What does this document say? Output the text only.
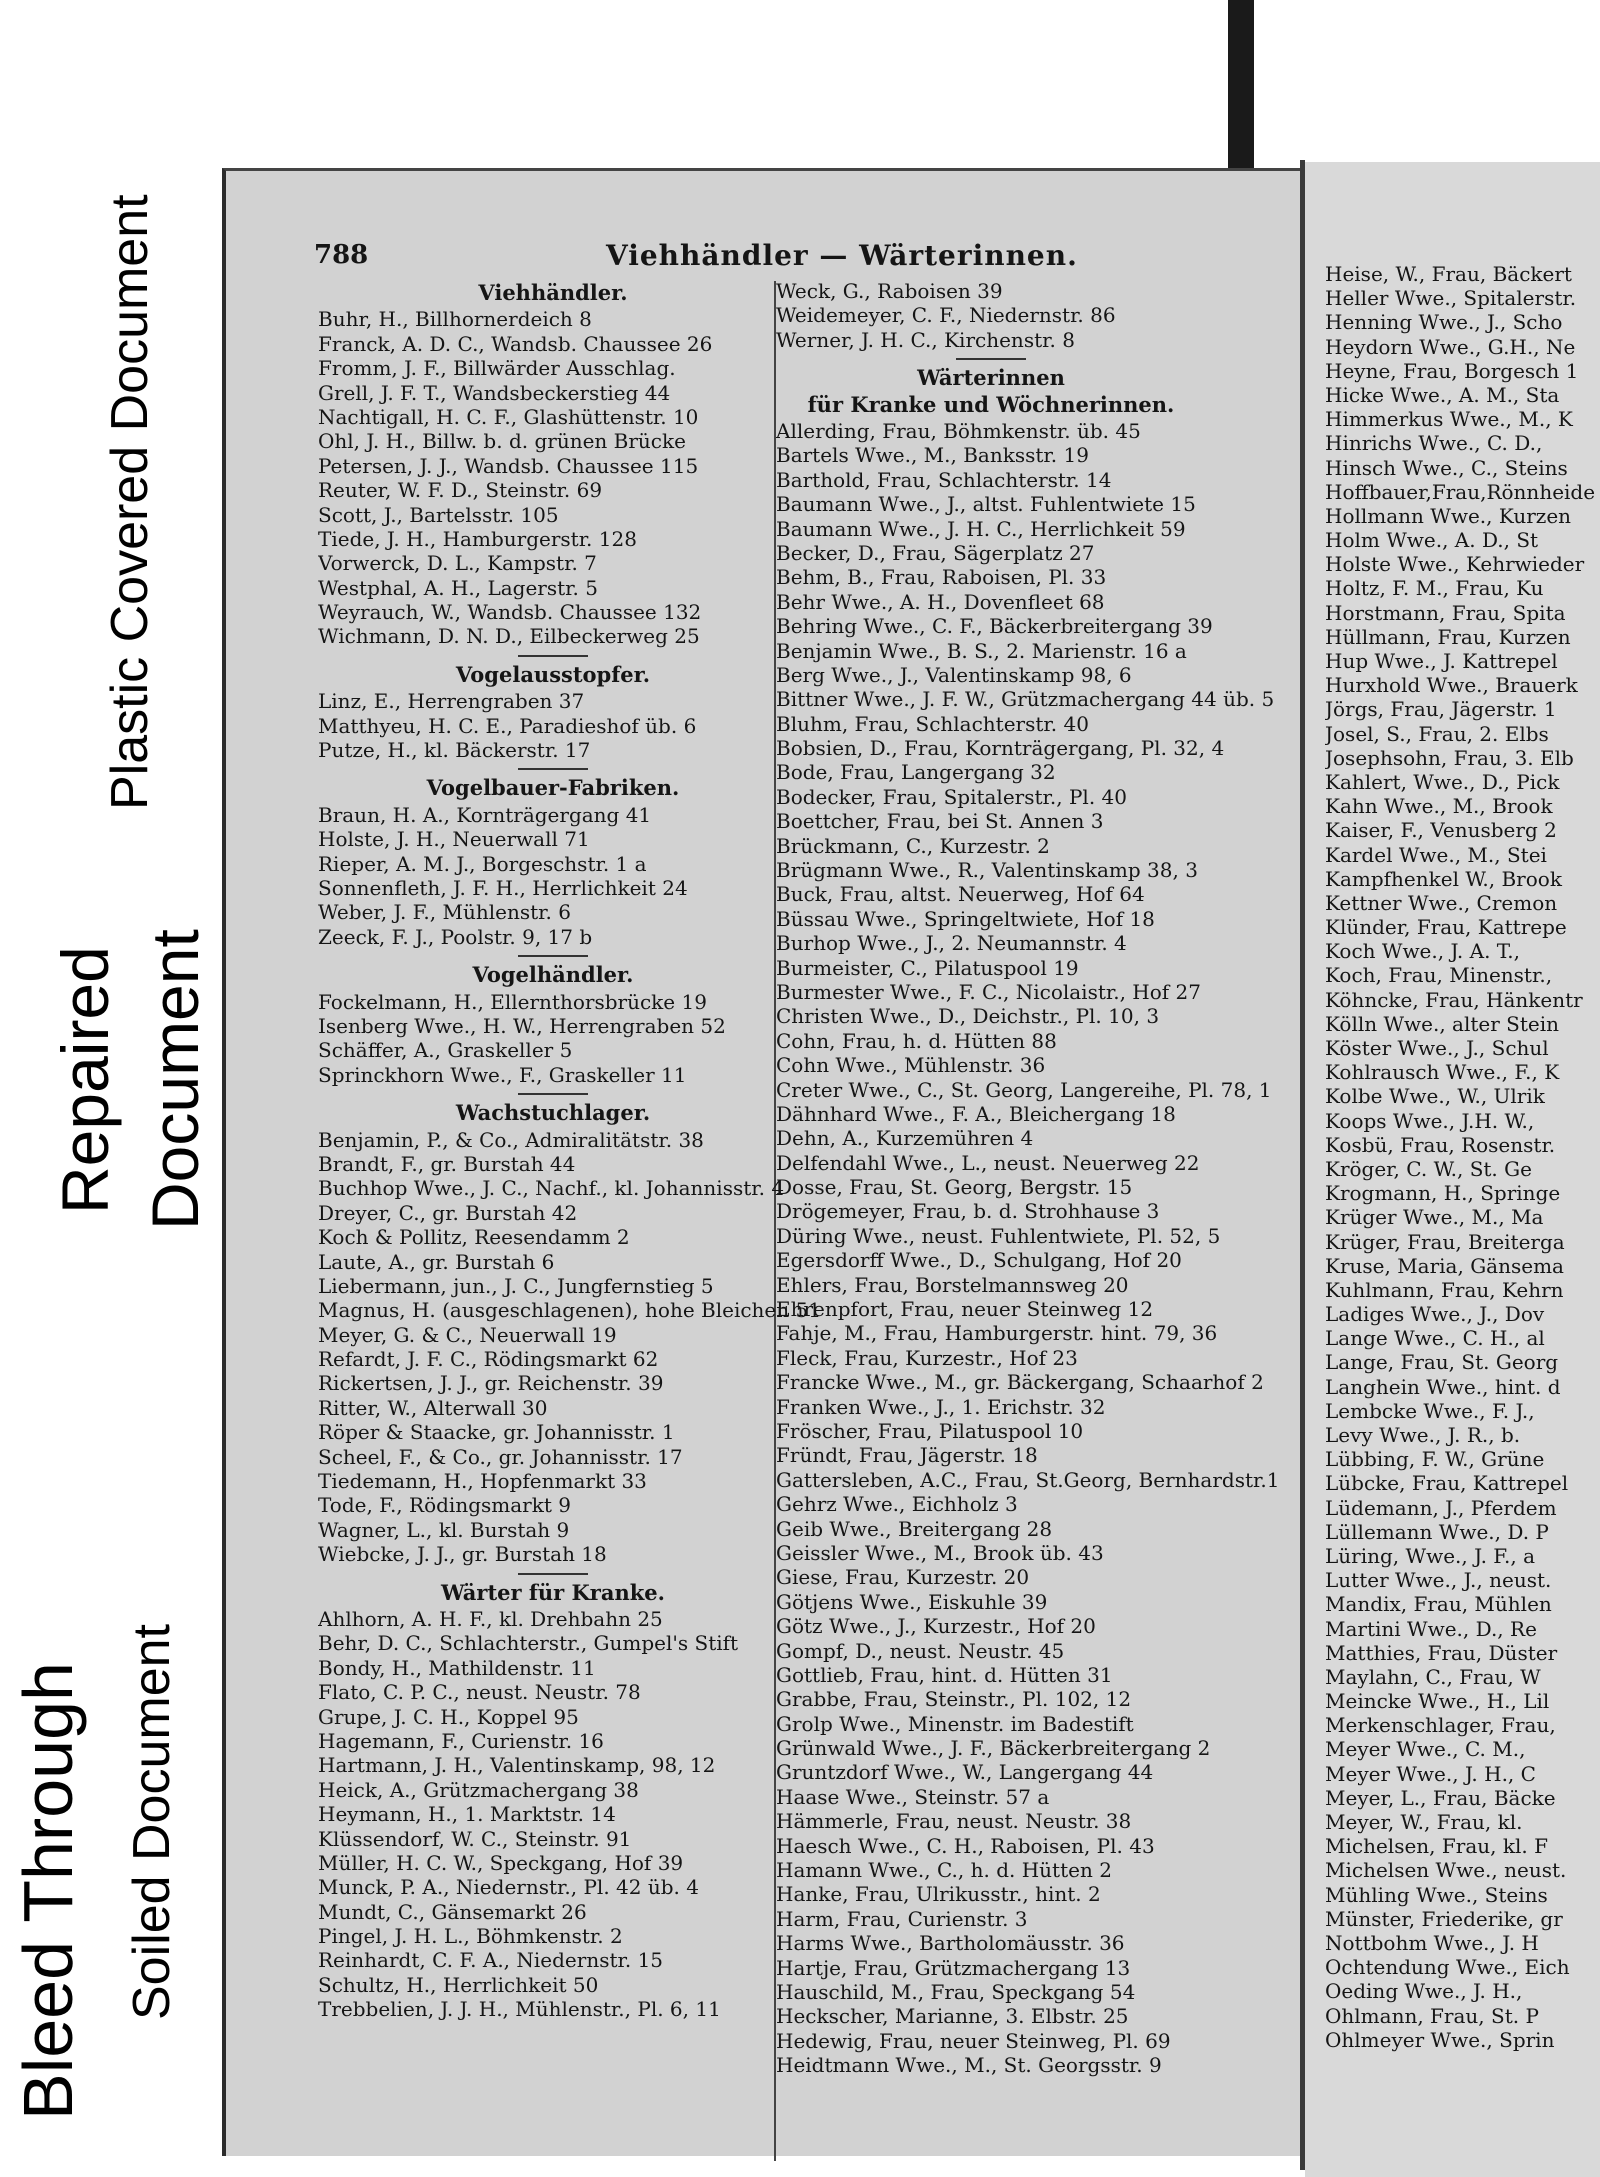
Plastic Covered Document
Repaired Document
Bleed Through Soiled Document
788	Viehhändler — Wärterinnen.
Viehhändler.
Buhr, H., Billhornerdeich 8
Franck, A. D. C., Wandsb. Chaussee 26
Fromm, J. F., Billwärder Ausschlag.
Grell, J. F. T., Wandsbeckerstieg 44
Nachtigall, H. C. F., Glashüttenstr. 10
Ohl, J. H., Billw. b. d. grünen Brücke
Petersen, J. J., Wandsb. Chaussee 115
Reuter, W. F. D., Steinstr. 69
Scott, J., Bartelsstr. 105
Tiede, J. H., Hamburgerstr. 128
Vorwerck, D. L., Kampstr. 7
Westphal, A. H., Lagerstr. 5
Weyrauch, W., Wandsb. Chaussee 132
Wichmann, D. N. D., Eilbeckerweg 25
Vogelausstopfer.
Linz, E., Herrengraben 37
Matthyeu, H. C. E., Paradieshof üb. 6
Putze, H., kl. Bäckerstr. 17
Vogelbauer-Fabriken.
Braun, H. A., Kornträgergang 41
Holste, J. H., Neuerwall 71
Rieper, A. M. J., Borgeschstr. 1 a
Sonnenfleth, J. F. H., Herrlichkeit 24
Weber, J. F., Mühlenstr. 6
Zeeck, F. J., Poolstr. 9, 17 b
Vogelhändler.
Fockelmann, H., Ellernthorsbrücke 19
Isenberg Wwe., H. W., Herrengraben 52
Schäffer, A., Graskeller 5
Sprinckhorn Wwe., F., Graskeller 11
Wachstuchlager.
Benjamin, P., & Co., Admiralitätstr. 38
Brandt, F., gr. Burstah 44
Buchhop Wwe., J. C., Nachf., kl. Johannisstr. 4
Dreyer, C., gr. Burstah 42
Koch & Pollitz, Reesendamm 2
Laute, A., gr. Burstah 6
Liebermann, jun., J. C., Jungfernstieg 5
Magnus, H. (ausgeschlagenen), hohe Bleichen 51
Meyer, G. & C., Neuerwall 19
Refardt, J. F. C., Rödingsmarkt 62
Rickertsen, J. J., gr. Reichenstr. 39
Ritter, W., Alterwall 30
Röper & Staacke, gr. Johannisstr. 1
Scheel, F., & Co., gr. Johannisstr. 17
Tiedemann, H., Hopfenmarkt 33
Tode, F., Rödingsmarkt 9
Wagner, L., kl. Burstah 9
Wiebcke, J. J., gr. Burstah 18
Wärter für Kranke.
Ahlhorn, A. H. F., kl. Drehbahn 25
Behr, D. C., Schlachterstr., Gumpel's Stift
Bondy, H., Mathildenstr. 11
Flato, C. P. C., neust. Neustr. 78
Grupe, J. C. H., Koppel 95
Hagemann, F., Curienstr. 16
Hartmann, J. H., Valentinskamp, 98, 12
Heick, A., Grützmachergang 38
Heymann, H., 1. Marktstr. 14
Klüssendorf, W. C., Steinstr. 91
Müller, H. C. W., Speckgang, Hof 39
Munck, P. A., Niedernstr., Pl. 42 üb. 4
Mundt, C., Gänsemarkt 26
Pingel, J. H. L., Böhmkenstr. 2
Reinhardt, C. F. A., Niedernstr. 15
Schultz, H., Herrlichkeit 50
Trebbelien, J. J. H., Mühlenstr., Pl. 6, 11
Weck, G., Raboisen 39
Weidemeyer, C. F., Niedernstr. 86
Werner, J. H. C., Kirchenstr. 8
Wärterinnen
für Kranke und Wöchnerinnen.
Allerding, Frau, Böhmkenstr. üb. 45
Bartels Wwe., M., Banksstr. 19
Barthold, Frau, Schlachterstr. 14
Baumann Wwe., J., altst. Fuhlentwiete 15
Baumann Wwe., J. H. C., Herrlichkeit 59
Becker, D., Frau, Sägerplatz 27
Behm, B., Frau, Raboisen, Pl. 33
Behr Wwe., A. H., Dovenfleet 68
Behring Wwe., C. F., Bäckerbreitergang 39
Benjamin Wwe., B. S., 2. Marienstr. 16 a
Berg Wwe., J., Valentinskamp 98, 6
Bittner Wwe., J. F. W., Grützmachergang 44 üb. 5
Bluhm, Frau, Schlachterstr. 40
Bobsien, D., Frau, Kornträgergang, Pl. 32, 4
Bode, Frau, Langergang 32
Bodecker, Frau, Spitalerstr., Pl. 40
Boettcher, Frau, bei St. Annen 3
Brückmann, C., Kurzestr. 2
Brügmann Wwe., R., Valentinskamp 38, 3
Buck, Frau, altst. Neuerweg, Hof 64
Büssau Wwe., Springeltwiete, Hof 18
Burhop Wwe., J., 2. Neumannstr. 4
Burmeister, C., Pilatuspool 19
Burmester Wwe., F. C., Nicolaistr., Hof 27
Christen Wwe., D., Deichstr., Pl. 10, 3
Cohn, Frau, h. d. Hütten 88
Cohn Wwe., Mühlenstr. 36
Creter Wwe., C., St. Georg, Langereihe, Pl. 78, 1
Dähnhard Wwe., F. A., Bleichergang 18
Dehn, A., Kurzemühren 4
Delfendahl Wwe., L., neust. Neuerweg 22
Dosse, Frau, St. Georg, Bergstr. 15
Drögemeyer, Frau, b. d. Strohhause 3
Düring Wwe., neust. Fuhlentwiete, Pl. 52, 5
Egersdorff Wwe., D., Schulgang, Hof 20
Ehlers, Frau, Borstelmannsweg 20
Ehrenpfort, Frau, neuer Steinweg 12
Fahje, M., Frau, Hamburgerstr. hint. 79, 36
Fleck, Frau, Kurzestr., Hof 23
Francke Wwe., M., gr. Bäckergang, Schaarhof 2
Franken Wwe., J., 1. Erichstr. 32
Fröscher, Frau, Pilatuspool 10
Fründt, Frau, Jägerstr. 18
Gattersleben, A.C., Frau, St.Georg, Bernhardstr.1
Gehrz Wwe., Eichholz 3
Geib Wwe., Breitergang 28
Geissler Wwe., M., Brook üb. 43
Giese, Frau, Kurzestr. 20
Götjens Wwe., Eiskuhle 39
Götz Wwe., J., Kurzestr., Hof 20
Gompf, D., neust. Neustr. 45
Gottlieb, Frau, hint. d. Hütten 31
Grabbe, Frau, Steinstr., Pl. 102, 12
Grolp Wwe., Minenstr. im Badestift
Grünwald Wwe., J. F., Bäckerbreitergang 2
Gruntzdorf Wwe., W., Langergang 44
Haase Wwe., Steinstr. 57 a
Hämmerle, Frau, neust. Neustr. 38
Haesch Wwe., C. H., Raboisen, Pl. 43
Hamann Wwe., C., h. d. Hütten 2
Hanke, Frau, Ulrikusstr., hint. 2
Harm, Frau, Curienstr. 3
Harms Wwe., Bartholomäusstr. 36
Hartje, Frau, Grützmachergang 13
Hauschild, M., Frau, Speckgang 54
Heckscher, Marianne, 3. Elbstr. 25
Hedewig, Frau, neuer Steinweg, Pl. 69
Heidtmann Wwe., M., St. Georgsstr. 9
Heise, W., Frau, Bäckert
Heller Wwe., Spitalerstr.
Henning Wwe., J., Scho
Heydorn Wwe., G.H., Ne
Heyne, Frau, Borgesch 1
Hicke Wwe., A. M., Sta
Himmerkus Wwe., M., K
Hinrichs Wwe., C. D.,
Hinsch Wwe., C., Steins
Hoffbauer,Frau,Rönnheide
Hollmann Wwe., Kurzen
Holm Wwe., A. D., St
Holste Wwe., Kehrwieder
Holtz, F. M., Frau, Ku
Horstmann, Frau, Spita
Hüllmann, Frau, Kurzen
Hup Wwe., J. Kattrepel
Hurxhold Wwe., Brauerk
Jörgs, Frau, Jägerstr. 1
Josel, S., Frau, 2. Elbs
Josephsohn, Frau, 3. Elb
Kahlert, Wwe., D., Pick
Kahn Wwe., M., Brook
Kaiser, F., Venusberg 2
Kardel Wwe., M., Stei
Kampfhenkel W., Brook
Kettner Wwe., Cremon
Klünder, Frau, Kattrepe
Koch Wwe., J. A. T.,
Koch, Frau, Minenstr.,
Köhncke, Frau, Hänkentr
Kölln Wwe., alter Stein
Köster Wwe., J., Schul
Kohlrausch Wwe., F., K
Kolbe Wwe., W., Ulrik
Koops Wwe., J.H. W.,
Kosbü, Frau, Rosenstr.
Kröger, C. W., St. Ge
Krogmann, H., Springe
Krüger Wwe., M., Ma
Krüger, Frau, Breiterga
Kruse, Maria, Gänsema
Kuhlmann, Frau, Kehrn
Ladiges Wwe., J., Dov
Lange Wwe., C. H., al
Lange, Frau, St. Georg
Langhein Wwe., hint. d
Lembcke Wwe., F. J.,
Levy Wwe., J. R., b.
Lübbing, F. W., Grüne
Lübcke, Frau, Kattrepel
Lüdemann, J., Pferdem
Lüllemann Wwe., D. P
Lüring, Wwe., J. F., a
Lutter Wwe., J., neust.
Mandix, Frau, Mühlen
Martini Wwe., D., Re
Matthies, Frau, Düster
Maylahn, C., Frau, W
Meincke Wwe., H., Lil
Merkenschlager, Frau,
Meyer Wwe., C. M.,
Meyer Wwe., J. H., C
Meyer, L., Frau, Bäcke
Meyer, W., Frau, kl.
Michelsen, Frau, kl. F
Michelsen Wwe., neust.
Mühling Wwe., Steins
Münster, Friederike, gr
Nottbohm Wwe., J. H
Ochtendung Wwe., Eich
Oeding Wwe., J. H.,
Ohlmann, Frau, St. P
Ohlmeyer Wwe., Sprin
